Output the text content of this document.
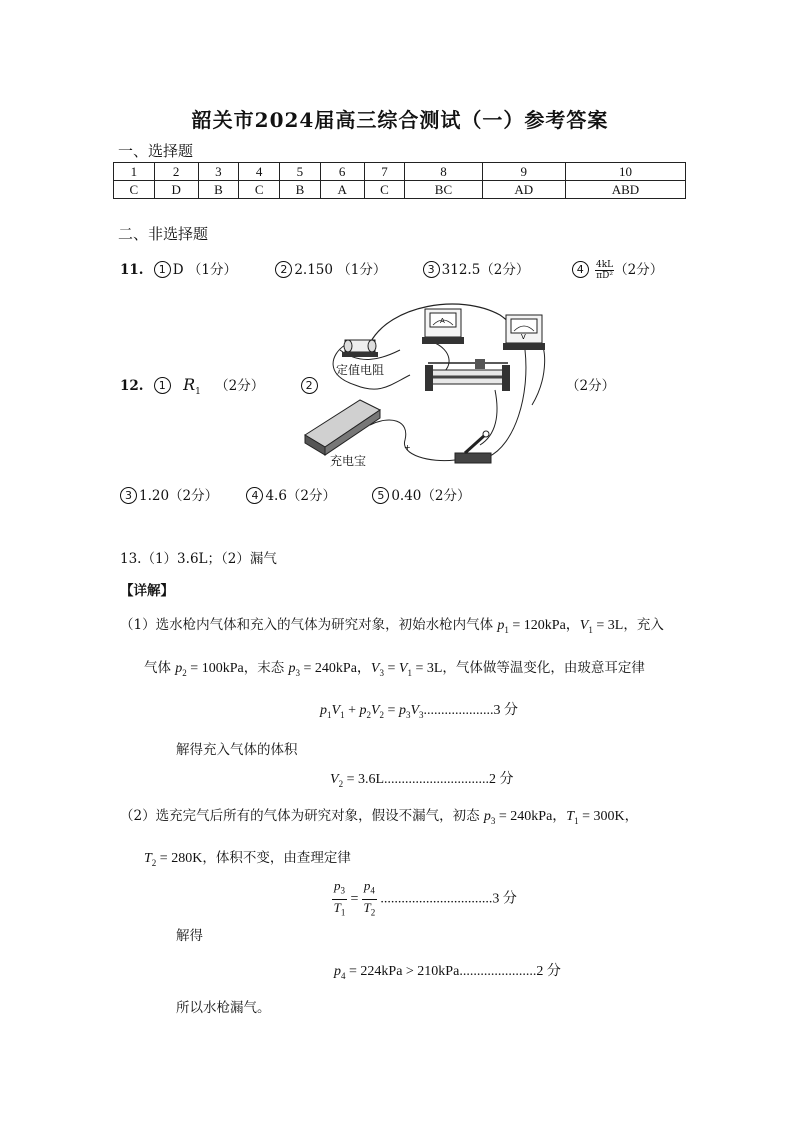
韶关市2024届高三综合测试（一）参考答案
一、选择题
1	2	3	4	5	6	7	8	9	10
C	D	B	C	B	A	C	BC	AD	ABD
二、非选择题
11. 1 D （1分）	2 2.150 （1分）	3 312.5（2分）	$4 \frac{4kL}{\text{πD²}} (2$分）
12. 1 $R_1$ （2分）	2	（2分）
A
V
+
定值电阻
充电宝
3 1.20（2分）	4 4.6（2分）	5 0.40（2分）
13.（1）3.6L；（2）漏气
【详解】
（1）选水枪内气体和充入的气体为研究对象，初始水枪内气体 $p_1 = 120kPa$，$V_1 = 3L$，充入
气体 $p_2 = 100kPa$，末态 $p_3 = 240kPa$，$V_3 = V_1 = 3L$，气体做等温变化，由玻意耳定律
$p_1V_1 + p_2V_2 = p_3V_3....................3$ 分
解得充入气体的体积
$V_2 = 3.6L..............................2$ 分
（2）选充完气后所有的气体为研究对象，假设不漏气，初态 $p_3 = 240kPa$，$T_1 = 300K$，
$T_2 = 280K$，体积不变，由查理定律
$\frac{p_3}{T_1} = \frac{p_4}{T_2} ................................3$ 分
解得
$p_4 = 224kPa > 210kPa......................2$ 分
所以水枪漏气。
